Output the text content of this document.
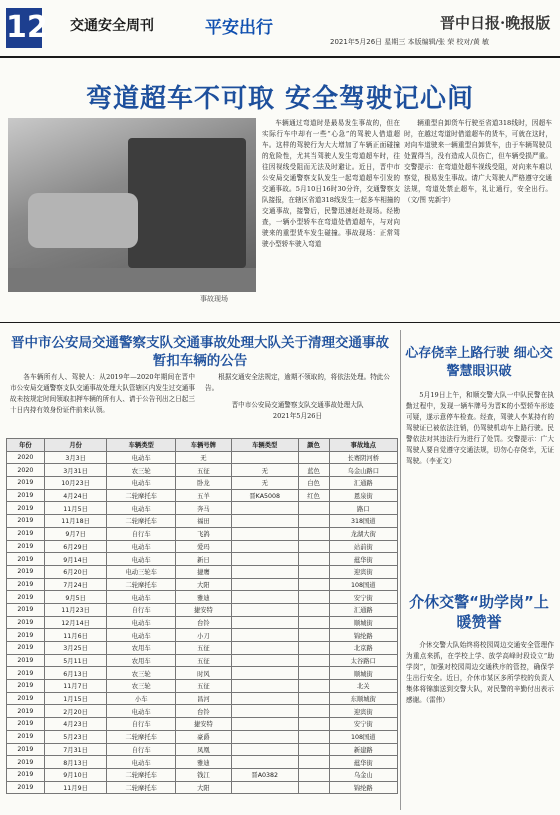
12 交通安全周刊	平安出行	晋中日报·晚报版
2021年5月26日 星期三 本版编辑/张 荣 校对/黄 敏
弯道超车不可取 安全驾驶记心间
事故现场

车辆通过弯道时是最易发生事故的，但在实际行车中却有一些“心急”的驾驶人借道超车。这样的驾驶行为大大增加了车辆正面碰撞的危险性，尤其当驾驶人发生弯道超车时，往往因视线受阻而无法及时避让。近日，晋中市公安局交通警察支队发生一起弯道超车引发的交通事故。5月10日16时30分许，交通警察支队接报，在辖区省道318线发生一起多车相撞的交通事故，接警后，民警迅速赶赴现场。经勘查，一辆小型轿车在弯道处借道超车，与对向驶来的重型货车发生碰撞。事故现场：正常驾驶小型轿车驶入弯道

辆重型自卸货车行驶至省道318线时，因超车时，在越过弯道时借道超车的货车，可就在这时，对向车道驶来一辆重型自卸货车，由于车辆驾驶员处置得当，没有造成人员伤亡，但车辆受损严重。交警提示：在弯道处超车视线受阻，对向来车难以察觉，极易发生事故。请广大驾驶人严格遵守交通法规，弯道处禁止超车，礼让通行，安全出行。（文/图 宪新宇）

晋中市公安局交通警察支队交通事故处理大队关于清理交通事故暂扣车辆的公告

各车辆所有人、驾驶人：从2019年—2020年期间在晋中市公安局交通警察支队交通事故处理大队管辖区内发生过交通事故未按规定时间领取扣押车辆的所有人、请于公告刊出之日起三十日内持有效身份证件前来认领。

根据交通安全法规定，逾期不领取的，将依法处理。特此公告。

晋中市公安局交通警察支队交通事故处理大队
2021年5月26日
年份	月份	车辆类型	车辆号牌	车辆类型	颜色	事故地点
2020	3月3日	电动车	无			长赛阴河桥
2020	3月31日	农三轮	五征	无	蓝色	乌金山路口
2019	10月23日	电动车	卧龙	无	白色	汇通路
2019	4月24日	二轮摩托车	五羊	晋KA5008	红色	恩泉街
2019	11月5日	电动车	奔马			路口
2019	11月18日	二轮摩托车	福田			318国道
2019	9月7日	自行车	飞鸽			龙湖大街
2019	6月29日	电动车	爱玛			站前街
2019	9月14日	电动车	新日			蕴华街
2019	6月20日	电动三轮车	捷鹰			迎宾街
2019	7月24日	二轮摩托车	大阳			108国道
2019	9月5日	电动车	雅迪			安宁街
2019	11月23日	自行车	捷安特			汇通路
2019	12月14日	电动车	台铃			顺城街
2019	11月6日	电动车	小刀			锦纶路
2019	3月25日	农用车	五征			北京路
2019	5月11日	农用车	五征			太谷路口
2019	6月13日	农三轮	时风			顺城街
2019	11月7日	农三轮	五征			北关
2019	1月15日	小车	昌河			东顺城街
2019	2月20日	电动车	台铃			迎宾街
2019	4月23日	自行车	捷安特			安宁街
2019	5月23日	二轮摩托车	豪爵			108国道
2019	7月31日	自行车	凤凰			新建路
2019	8月13日	电动车	雅迪			蕴华街
2019	9月10日	二轮摩托车	钱江	晋A0382		乌金山
2019	11月9日	二轮摩托车	大阳			锦纶路
心存侥幸上路行驶 细心交警慧眼识破

5月19日上午，和顺交警大队一中队民警在执勤过程中，发现一辆车牌号为晋K的小型轿车形迹可疑，遂示意停车检查。经查，驾驶人李某持有的驾驶证已被依法注销，仍驾驶机动车上路行驶。民警依法对其违法行为进行了处罚。交警提示：广大驾驶人要自觉遵守交通法规，切勿心存侥幸，无证驾驶。（李亚文）

介休交警“助学岗”上暖赞誉

介休交警大队始终将校园周边交通安全管理作为重点来抓，在学校上学、放学高峰时段设立“助学岗”，加强对校园周边交通秩序的管控，确保学生出行安全。近日，介休市某区多所学校的负责人集体将锦旗送到交警大队，对民警的辛勤付出表示感谢。（雷伟）
